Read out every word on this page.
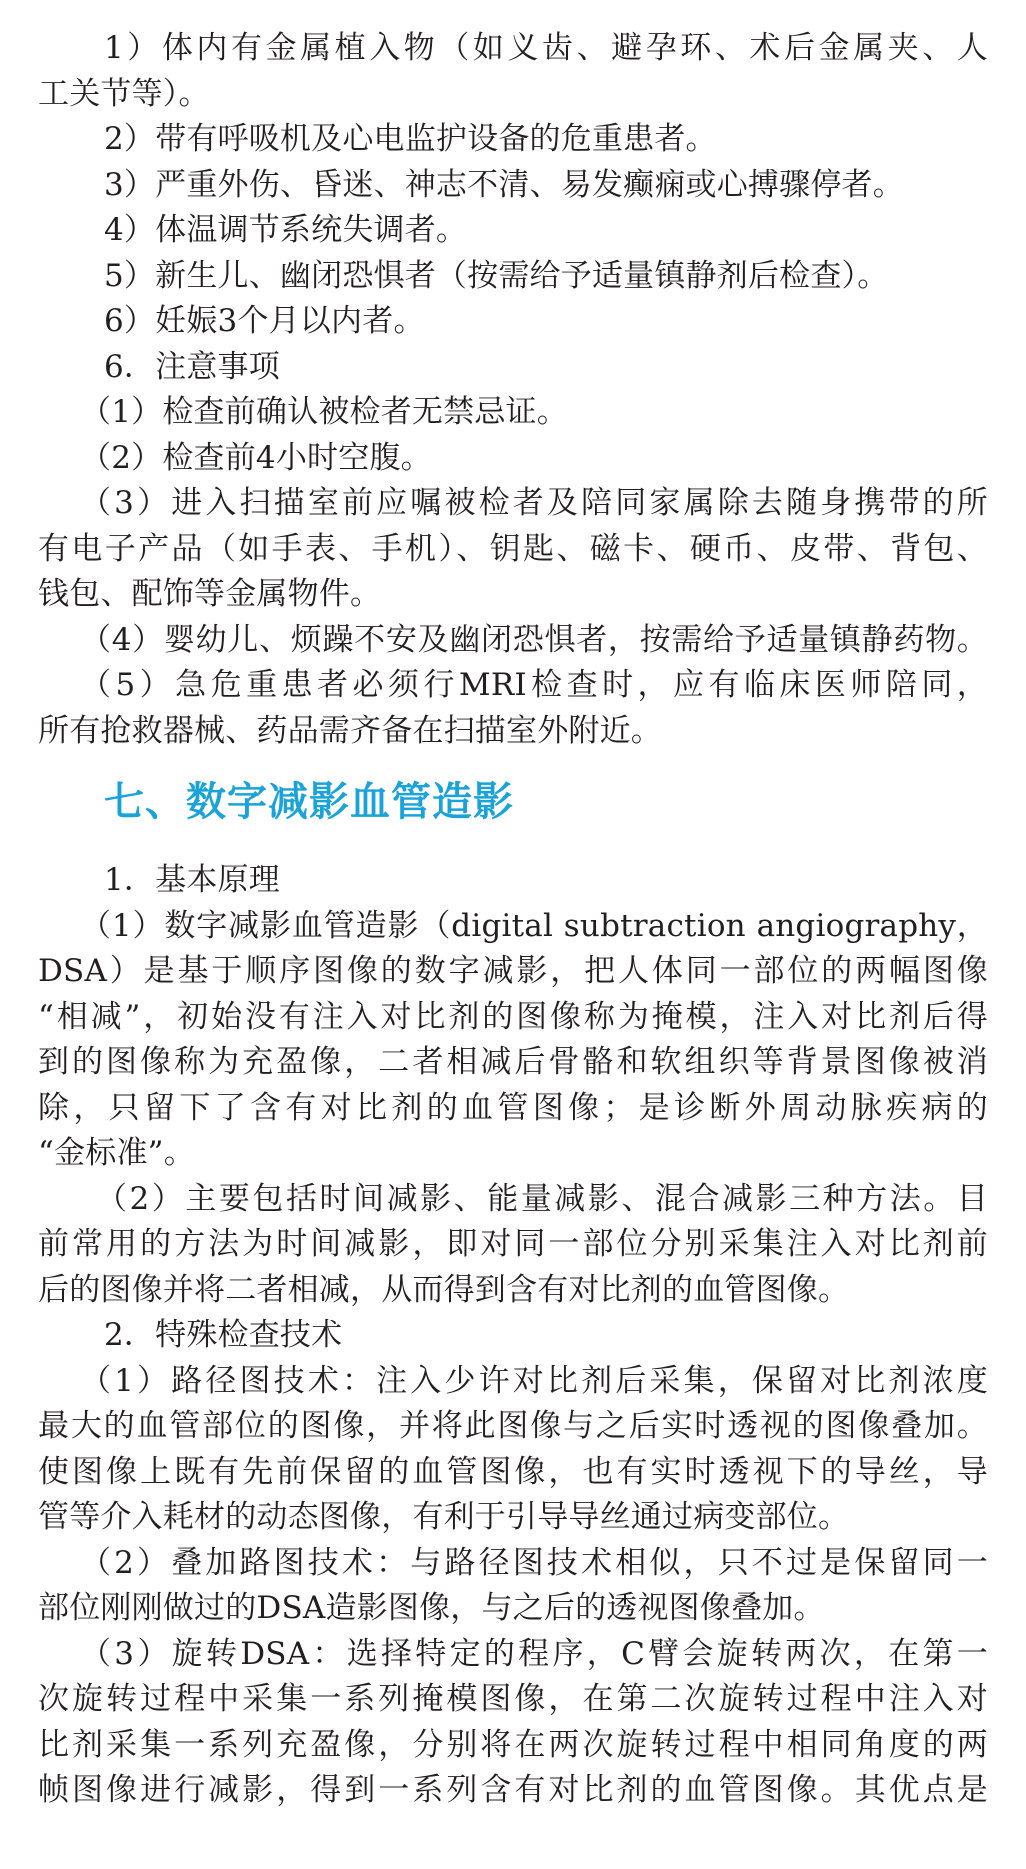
1）体内有金属植入物（如义齿、避孕环、术后金属夹、人
工关节等）。
2）带有呼吸机及心电监护设备的危重患者。
3）严重外伤、昏迷、神志不清、易发癫痫或心搏骤停者。
4）体温调节系统失调者。
5）新生儿、幽闭恐惧者（按需给予适量镇静剂后检查）。
6）妊娠3个月以内者。
6．注意事项
（1）检查前确认被检者无禁忌证。
（2）检查前4小时空腹。
（3）进入扫描室前应嘱被检者及陪同家属除去随身携带的所
有电子产品（如手表、手机）、钥匙、磁卡、硬币、皮带、背包、
钱包、配饰等金属物件。
（4）婴幼儿、烦躁不安及幽闭恐惧者，按需给予适量镇静药物。
（5）急危重患者必须行MRI检查时，应有临床医师陪同，
所有抢救器械、药品需齐备在扫描室外附近。
七、数字减影血管造影
1．基本原理
（1）数字减影血管造影（digital subtraction angiography，
DSA）是基于顺序图像的数字减影，把人体同一部位的两幅图像
“相减”，初始没有注入对比剂的图像称为掩模，注入对比剂后得
到的图像称为充盈像，二者相减后骨骼和软组织等背景图像被消
除，只留下了含有对比剂的血管图像；是诊断外周动脉疾病的
“金标准”。
（2）主要包括时间减影、能量减影、混合减影三种方法。目
前常用的方法为时间减影，即对同一部位分别采集注入对比剂前
后的图像并将二者相减，从而得到含有对比剂的血管图像。
2．特殊检查技术
（1）路径图技术：注入少许对比剂后采集，保留对比剂浓度
最大的血管部位的图像，并将此图像与之后实时透视的图像叠加。
使图像上既有先前保留的血管图像，也有实时透视下的导丝，导
管等介入耗材的动态图像，有利于引导导丝通过病变部位。
（2）叠加路图技术：与路径图技术相似，只不过是保留同一
部位刚刚做过的DSA造影图像，与之后的透视图像叠加。
（3）旋转DSA：选择特定的程序，C臂会旋转两次，在第一
次旋转过程中采集一系列掩模图像，在第二次旋转过程中注入对
比剂采集一系列充盈像，分别将在两次旋转过程中相同角度的两
帧图像进行减影，得到一系列含有对比剂的血管图像。其优点是
